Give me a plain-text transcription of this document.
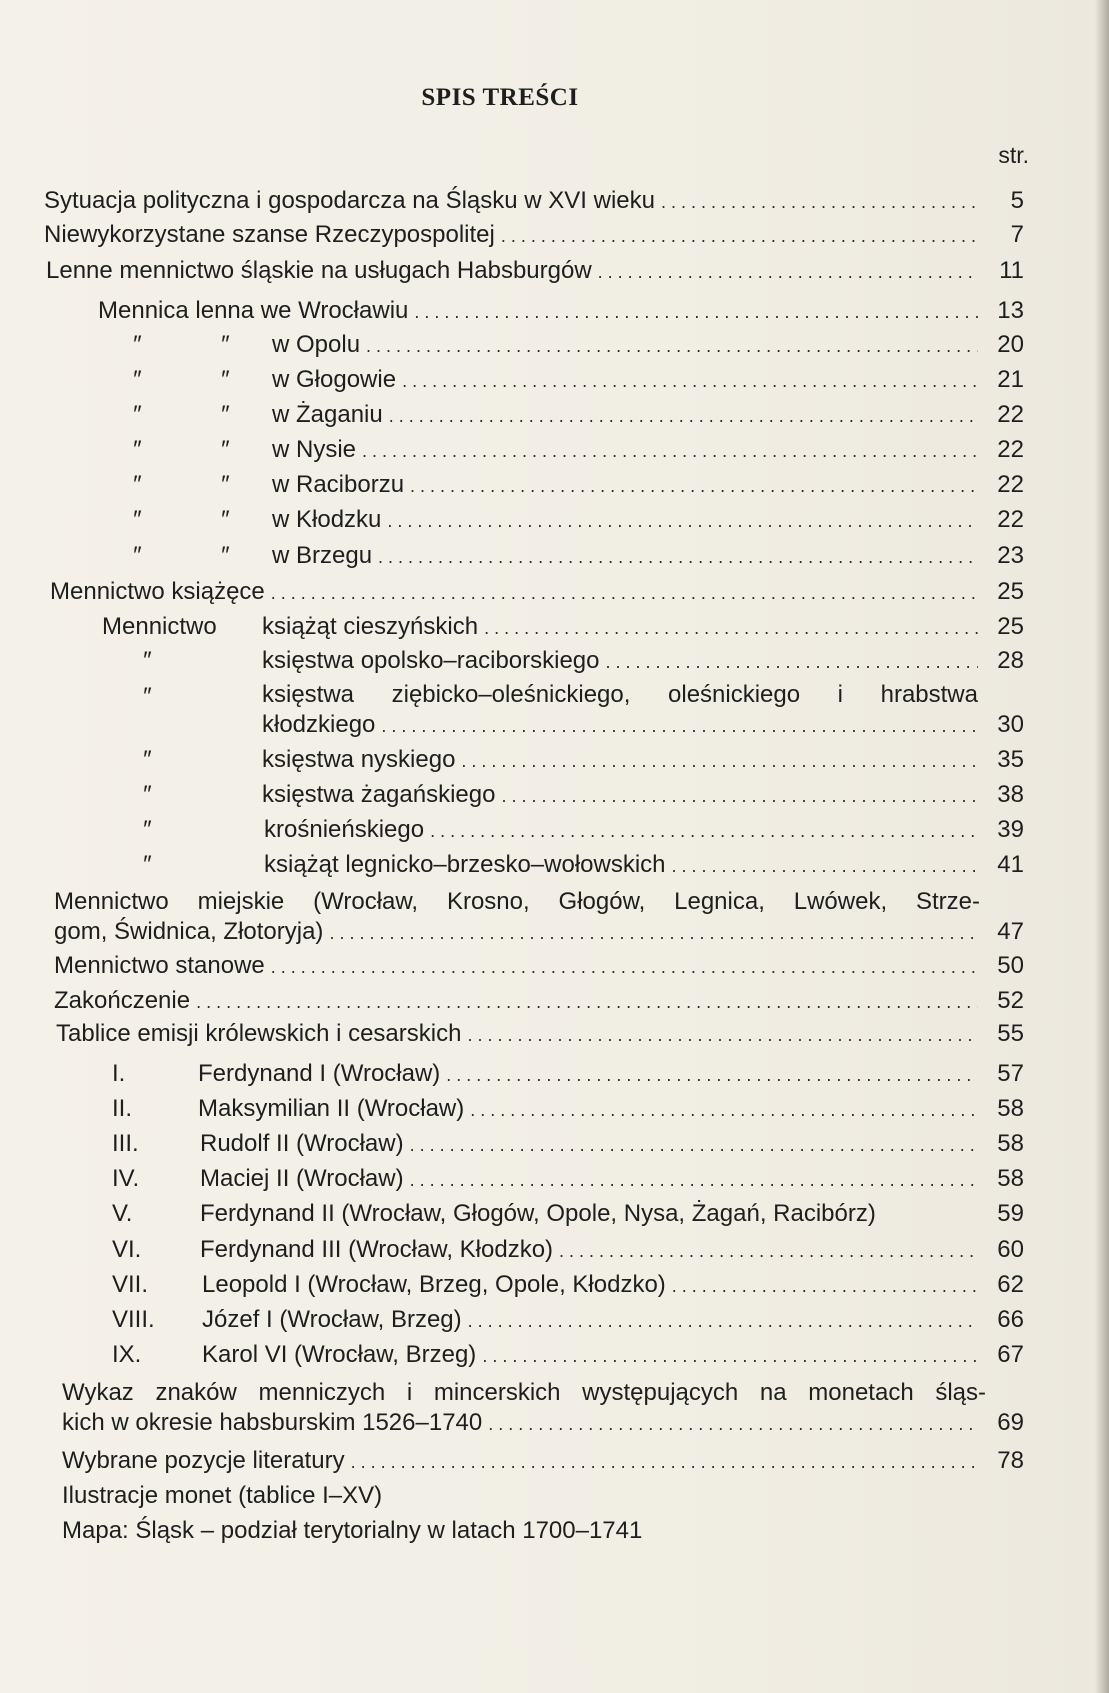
SPIS TREŚCI
str.
Sytuacja polityczna i gospodarcza na Śląsku w XVI wieku . . .	5
Niewykorzystane szanse Rzeczypospolitej . . .	7
Lenne mennictwo śląskie na usługach Habsburgów . . .	11
Mennica lenna we Wrocławiu . . .	13
″	″	w Opolu . . .	20
″	″	w Głogowie . . .	21
″	″	w Żaganiu . . .	22
″	″	w Nysie . . .	22
″	″	w Raciborzu . . .	22
″	″	w Kłodzku . . .	22
″	″	w Brzegu . . .	23
Mennictwo książęce . . .	25
Mennictwo	książąt cieszyńskich . . .	25
″	księstwa opolsko–raciborskiego . . .	28
″	księstwa ziębicko–oleśnickiego, oleśnickiego i hrabstwa
kłodzkiego . . .	30
″	księstwa nyskiego . . .	35
″	księstwa żagańskiego . . .	38
″	krośnieńskiego . . .	39
″	książąt legnicko–brzesko–wołowskich . . .	41
Mennictwo miejskie (Wrocław, Krosno, Głogów, Legnica, Lwówek, Strze-
gom, Świdnica, Złotoryja) . . .	47
Mennictwo stanowe . . .	50
Zakończenie . . .	52
Tablice emisji królewskich i cesarskich . . .	55
I.	Ferdynand I (Wrocław) . . .	57
II.	Maksymilian II (Wrocław) . . .	58
III.	Rudolf II (Wrocław) . . .	58
IV.	Maciej II (Wrocław) . . .	58
V.	Ferdynand II (Wrocław, Głogów, Opole, Nysa, Żagań, Racibórz)	59
VI.	Ferdynand III (Wrocław, Kłodzko) . . .	60
VII.	Leopold I (Wrocław, Brzeg, Opole, Kłodzko) . . .	62
VIII.	Józef I (Wrocław, Brzeg) . . .	66
IX.	Karol VI (Wrocław, Brzeg) . . .	67
Wykaz znaków menniczych i mincerskich występujących na monetach śląs-
kich w okresie habsburskim 1526–1740 . . .	69
Wybrane pozycje literatury . . .	78
Ilustracje monet (tablice I–XV)
Mapa: Śląsk – podział terytorialny w latach 1700–1741
